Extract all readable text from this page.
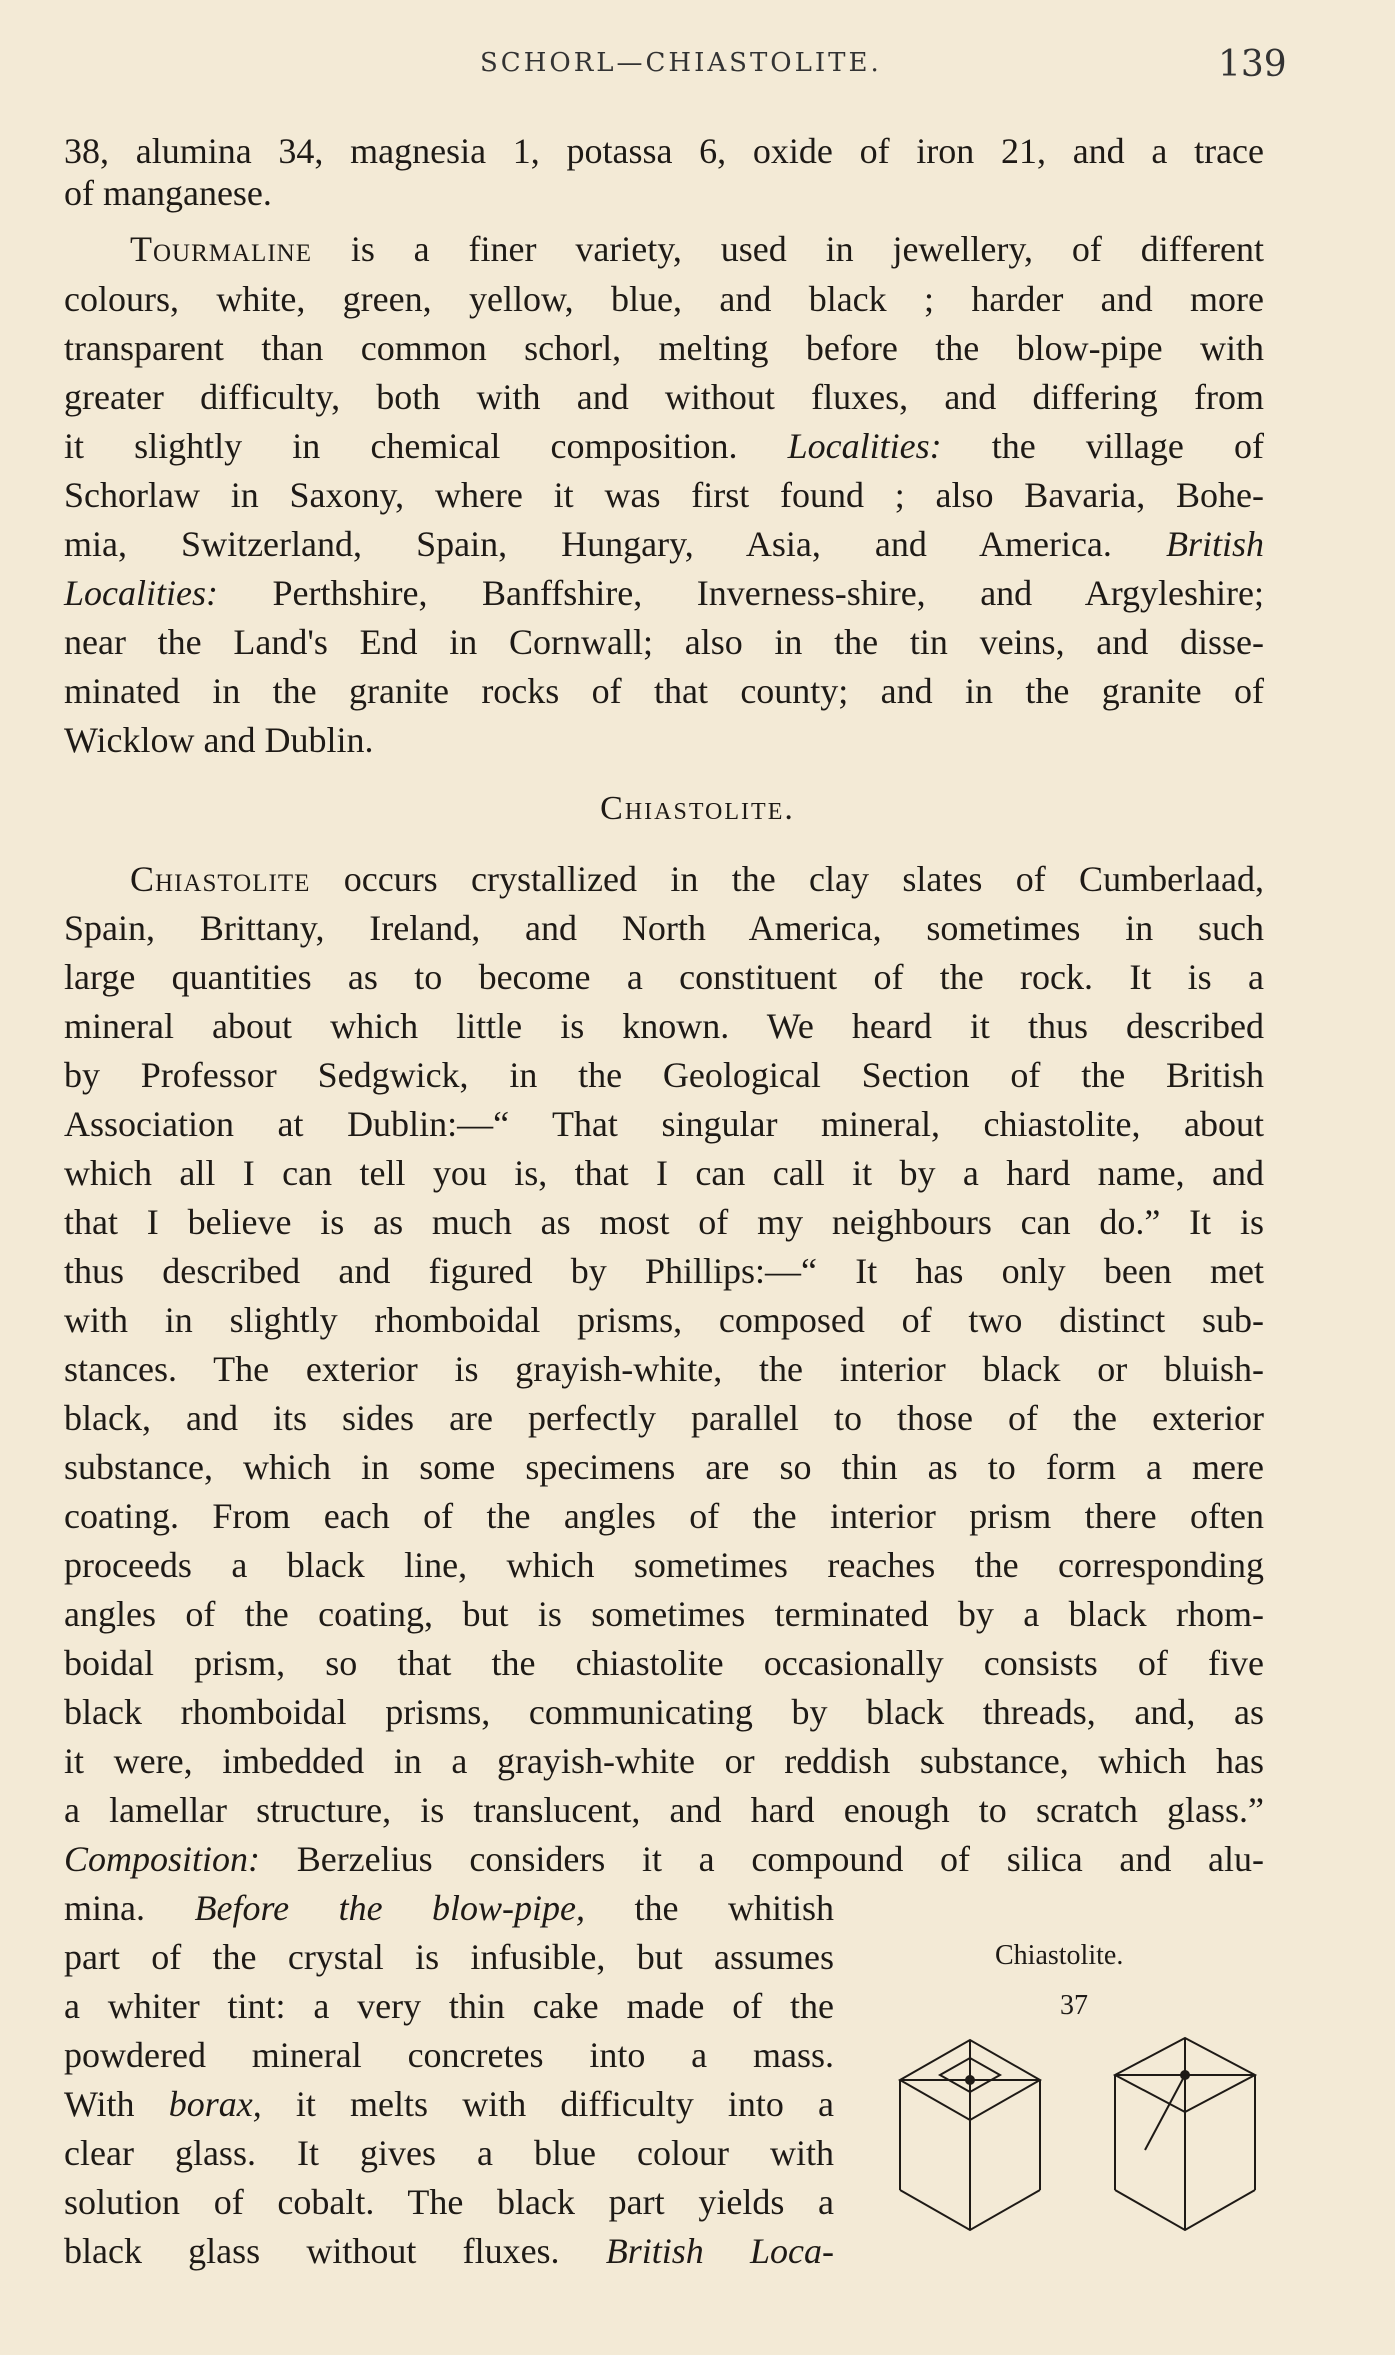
SCHORL—CHIASTOLITE.	139
38, alumina 34, magnesia 1, potassa 6, oxide of iron 21, and a trace
of manganese.
Tourmaline is a finer variety, used in jewellery, of different
colours, white, green, yellow, blue, and black ; harder and more
transparent than common schorl, melting before the blow-pipe with
greater difficulty, both with and without fluxes, and differing from
it slightly in chemical composition. Localities: the village of
Schorlaw in Saxony, where it was first found ; also Bavaria, Bohe-
mia, Switzerland, Spain, Hungary, Asia, and America. British
Localities: Perthshire, Banffshire, Inverness-shire, and Argyleshire;
near the Land's End in Cornwall; also in the tin veins, and disse-
minated in the granite rocks of that county; and in the granite of
Wicklow and Dublin.
Chiastolite.
Chiastolite occurs crystallized in the clay slates of Cumberlaad,
Spain, Brittany, Ireland, and North America, sometimes in such
large quantities as to become a constituent of the rock. It is a
mineral about which little is known. We heard it thus described
by Professor Sedgwick, in the Geological Section of the British
Association at Dublin:—“ That singular mineral, chiastolite, about
which all I can tell you is, that I can call it by a hard name, and
that I believe is as much as most of my neighbours can do.” It is
thus described and figured by Phillips:—“ It has only been met
with in slightly rhomboidal prisms, composed of two distinct sub-
stances. The exterior is grayish-white, the interior black or bluish-
black, and its sides are perfectly parallel to those of the exterior
substance, which in some specimens are so thin as to form a mere
coating. From each of the angles of the interior prism there often
proceeds a black line, which sometimes reaches the corresponding
angles of the coating, but is sometimes terminated by a black rhom-
boidal prism, so that the chiastolite occasionally consists of five
black rhomboidal prisms, communicating by black threads, and, as
it were, imbedded in a grayish-white or reddish substance, which has
a lamellar structure, is translucent, and hard enough to scratch glass.”
Composition: Berzelius considers it a compound of silica and alu-
mina. Before the blow-pipe, the whitish
part of the crystal is infusible, but assumes
a whiter tint: a very thin cake made of the
powdered mineral concretes into a mass.
With borax, it melts with difficulty into a
clear glass. It gives a blue colour with
solution of cobalt. The black part yields a
black glass without fluxes. British Loca-
Chiastolite.
37
